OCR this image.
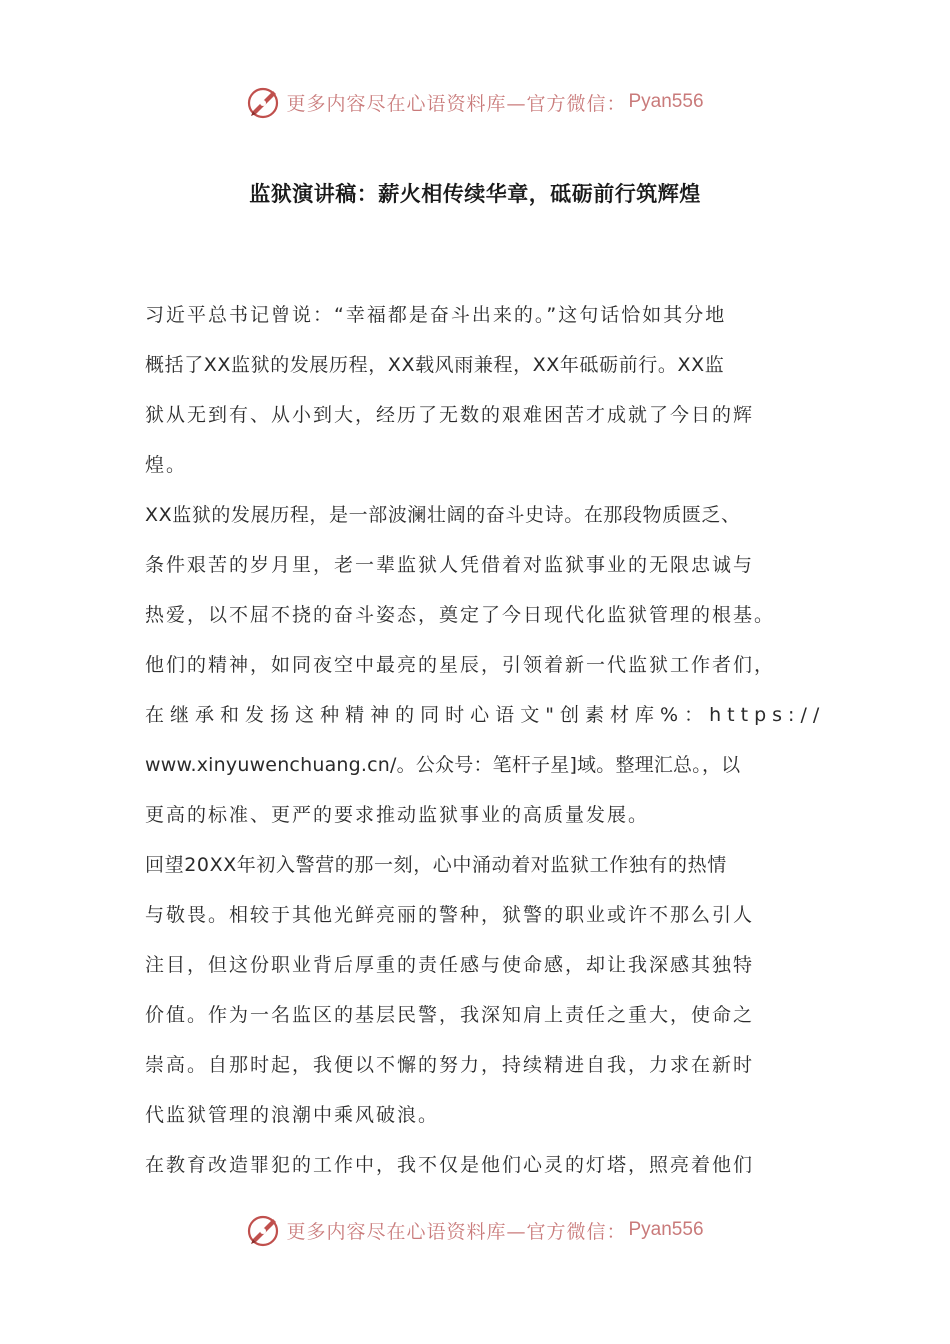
更多内容尽在心语资料库—官方微信： Pyan556
监狱演讲稿：薪火相传续华章，砥砺前行筑辉煌
习近平总书记曾说：“幸福都是奋斗出来的。”这句话恰如其分地
概括了XX监狱的发展历程，XX载风雨兼程，XX年砥砺前行。XX监
狱从无到有、从小到大，经历了无数的艰难困苦才成就了今日的辉
煌。
XX监狱的发展历程，是一部波澜壮阔的奋斗史诗。在那段物质匮乏、
条件艰苦的岁月里，老一辈监狱人凭借着对监狱事业的无限忠诚与
热爱，以不屈不挠的奋斗姿态，奠定了今日现代化监狱管理的根基。
他们的精神，如同夜空中最亮的星辰，引领着新一代监狱工作者们，
在继承和发扬这种精神的同时心语文"创素材库%：https://
www.xinyuwenchuang.cn/。公众号：笔杆子星]域。整理汇总。，以
更高的标准、更严的要求推动监狱事业的高质量发展。
回望20XX年初入警营的那一刻，心中涌动着对监狱工作独有的热情
与敬畏。相较于其他光鲜亮丽的警种，狱警的职业或许不那么引人
注目，但这份职业背后厚重的责任感与使命感，却让我深感其独特
价值。作为一名监区的基层民警，我深知肩上责任之重大，使命之
崇高。自那时起，我便以不懈的努力，持续精进自我，力求在新时
代监狱管理的浪潮中乘风破浪。
在教育改造罪犯的工作中，我不仅是他们心灵的灯塔，照亮着他们
更多内容尽在心语资料库—官方微信： Pyan556
